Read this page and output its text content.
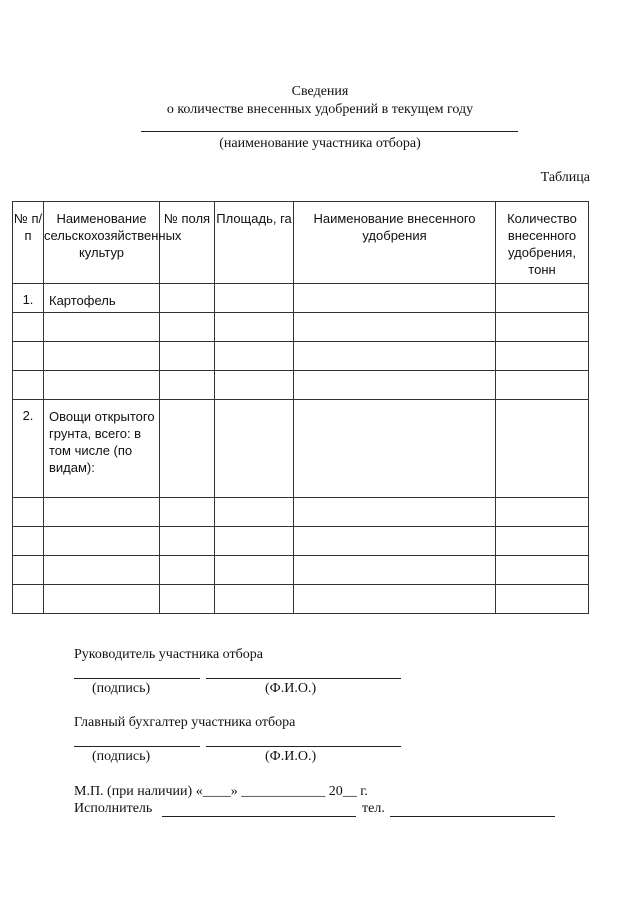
Сведения
о количестве внесенных удобрений в текущем году
(наименование участника отбора)
Таблица
№ п/п	Наименование сельскохозяйственных культур	№ поля	Площадь, га	Наименование внесенного удобрения	Количество внесенного удобрения, тонн
1.	Картофель				

2.	Овощи открытого грунта, всего: в том числе (по видам):				

Руководитель участника отбора
(подпись)	(Ф.И.О.)
Главный бухгалтер участника отбора
(подпись)	(Ф.И.О.)
М.П. (при наличии) «____» ____________ 20__ г.
Исполнитель	тел.
